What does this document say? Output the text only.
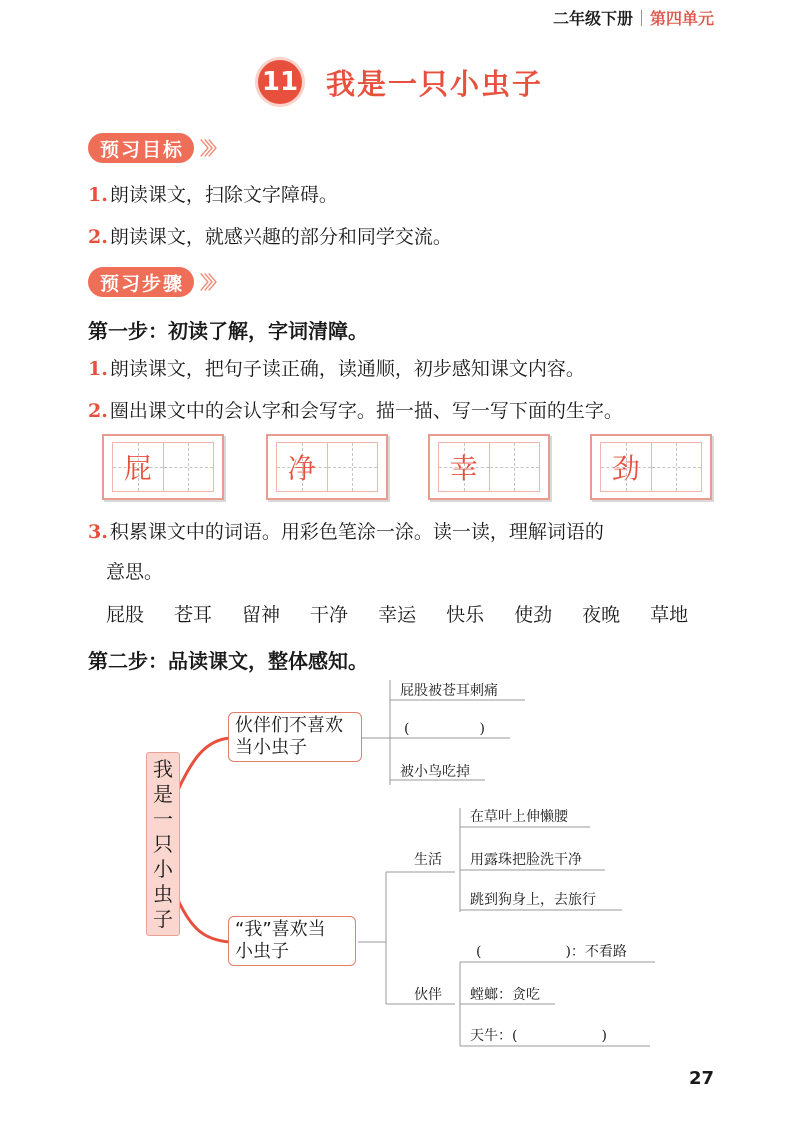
二年级下册 第四单元
11 我是一只小虫子
预习目标 〉〉〉
1. 朗读课文，扫除文字障碍。
2. 朗读课文，就感兴趣的部分和同学交流。
预习步骤 〉〉〉
第一步：初读了解，字词清障。
1. 朗读课文，把句子读正确，读通顺，初步感知课文内容。
2. 圈出课文中的会认字和会写字。描一描、写一写下面的生字。
屁	净	幸	劲
3. 积累课文中的词语。用彩色笔涂一涂。读一读，理解词语的
意思。
屁股 苍耳 留神 干净 幸运 快乐 使劲 夜晚 草地
第二步：品读课文，整体感知。
我
是
一
只
小
虫
子
伙伴们不喜欢
当小虫子
屁股被苍耳刺痛
(　　　　　)
被小鸟吃掉
“我”喜欢当
小虫子
生活
在草叶上伸懒腰
用露珠把脸洗干净
跳到狗身上，去旅行
伙伴
(　　　　　　)：不看路
螳螂：贪吃
天牛：(　　　　　　)
27
